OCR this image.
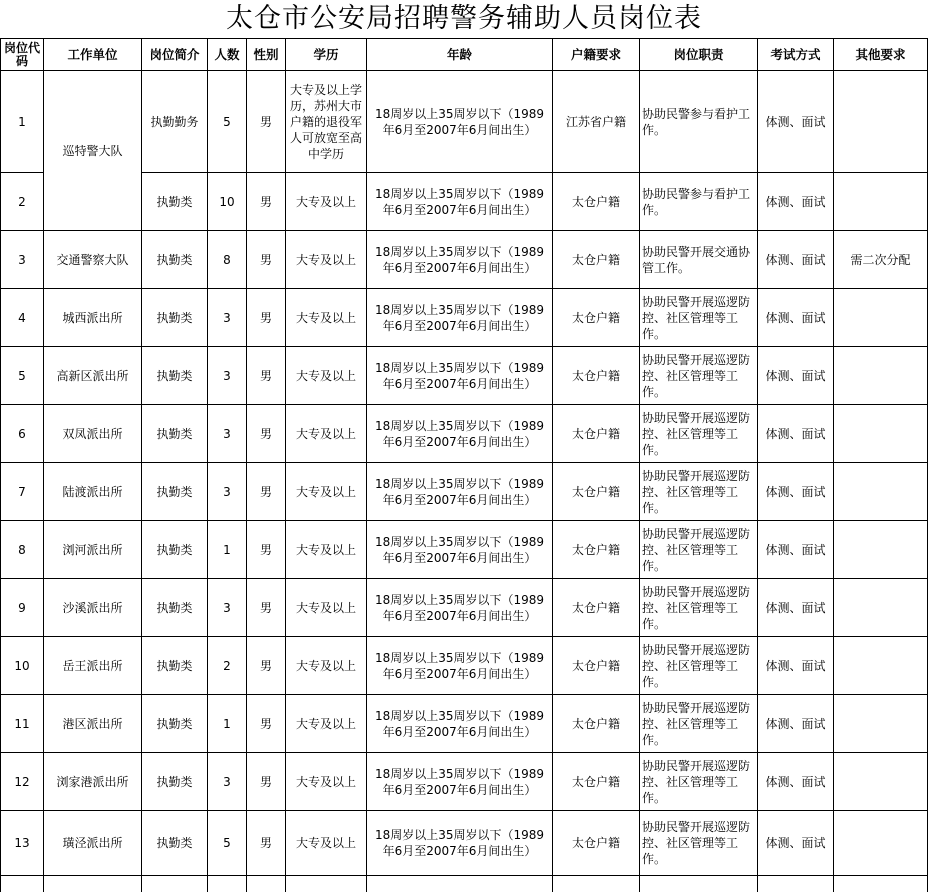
太仓市公安局招聘警务辅助人员岗位表
岗位代码	工作单位	岗位简介	人数	性别	学历	年龄	户籍要求	岗位职责	考试方式	其他要求
1	巡特警大队	执勤勤务	5	男	大专及以上学历，苏州大市户籍的退役军人可放宽至高中学历	18周岁以上35周岁以下（1989年6月至2007年6月间出生）	江苏省户籍	协助民警参与看护工作。	体测、面试	
2		执勤类	10	男	大专及以上	18周岁以上35周岁以下（1989年6月至2007年6月间出生）	太仓户籍	协助民警参与看护工作。	体测、面试	
3	交通警察大队	执勤类	8	男	大专及以上	18周岁以上35周岁以下（1989年6月至2007年6月间出生）	太仓户籍	协助民警开展交通协管工作。	体测、面试	需二次分配
4	城西派出所	执勤类	3	男	大专及以上	18周岁以上35周岁以下（1989年6月至2007年6月间出生）	太仓户籍	协助民警开展巡逻防控、社区管理等工作。	体测、面试	
5	高新区派出所	执勤类	3	男	大专及以上	18周岁以上35周岁以下（1989年6月至2007年6月间出生）	太仓户籍	协助民警开展巡逻防控、社区管理等工作。	体测、面试	
6	双凤派出所	执勤类	3	男	大专及以上	18周岁以上35周岁以下（1989年6月至2007年6月间出生）	太仓户籍	协助民警开展巡逻防控、社区管理等工作。	体测、面试	
7	陆渡派出所	执勤类	3	男	大专及以上	18周岁以上35周岁以下（1989年6月至2007年6月间出生）	太仓户籍	协助民警开展巡逻防控、社区管理等工作。	体测、面试	
8	浏河派出所	执勤类	1	男	大专及以上	18周岁以上35周岁以下（1989年6月至2007年6月间出生）	太仓户籍	协助民警开展巡逻防控、社区管理等工作。	体测、面试	
9	沙溪派出所	执勤类	3	男	大专及以上	18周岁以上35周岁以下（1989年6月至2007年6月间出生）	太仓户籍	协助民警开展巡逻防控、社区管理等工作。	体测、面试	
10	岳王派出所	执勤类	2	男	大专及以上	18周岁以上35周岁以下（1989年6月至2007年6月间出生）	太仓户籍	协助民警开展巡逻防控、社区管理等工作。	体测、面试	
11	港区派出所	执勤类	1	男	大专及以上	18周岁以上35周岁以下（1989年6月至2007年6月间出生）	太仓户籍	协助民警开展巡逻防控、社区管理等工作。	体测、面试	
12	浏家港派出所	执勤类	3	男	大专及以上	18周岁以上35周岁以下（1989年6月至2007年6月间出生）	太仓户籍	协助民警开展巡逻防控、社区管理等工作。	体测、面试	
13	璜泾派出所	执勤类	5	男	大专及以上	18周岁以上35周岁以下（1989年6月至2007年6月间出生）	太仓户籍	协助民警开展巡逻防控、社区管理等工作。	体测、面试	
